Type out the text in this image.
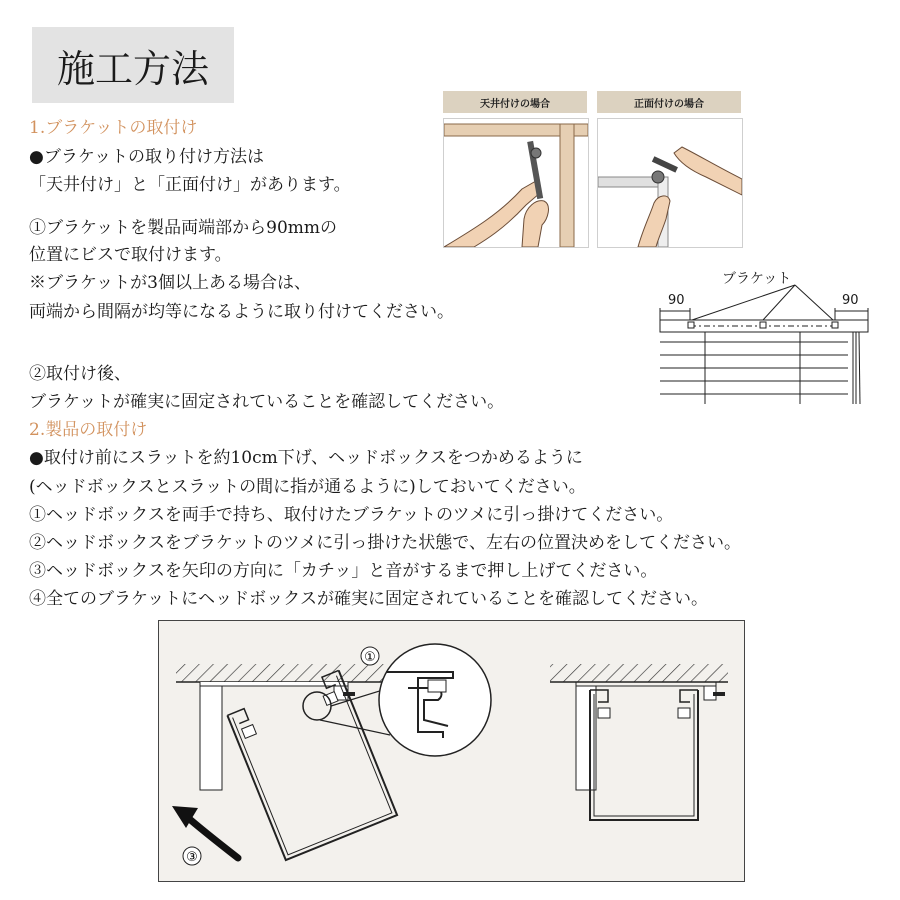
施工方法
1.ブラケットの取付け
●ブラケットの取り付け方法は
「天井付け」と「正面付け」があります。
①ブラケットを製品両端部から90mmの
位置にビスで取付けます。
※ブラケットが3個以上ある場合は、
両端から間隔が均等になるように取り付けてください。
②取付け後、
ブラケットが確実に固定されていることを確認してください。
2.製品の取付け
●取付け前にスラットを約10cm下げ、ヘッドボックスをつかめるように
(ヘッドボックスとスラットの間に指が通るように)しておいてください。
①ヘッドボックスを両手で持ち、取付けたブラケットのツメに引っ掛けてください。
②ヘッドボックスをブラケットのツメに引っ掛けた状態で、左右の位置決めをしてください。
③ヘッドボックスを矢印の方向に「カチッ」と音がするまで押し上げてください。
④全てのブラケットにヘッドボックスが確実に固定されていることを確認してください。
天井付けの場合	正面付けの場合
ブラケット
90	90
①
③
